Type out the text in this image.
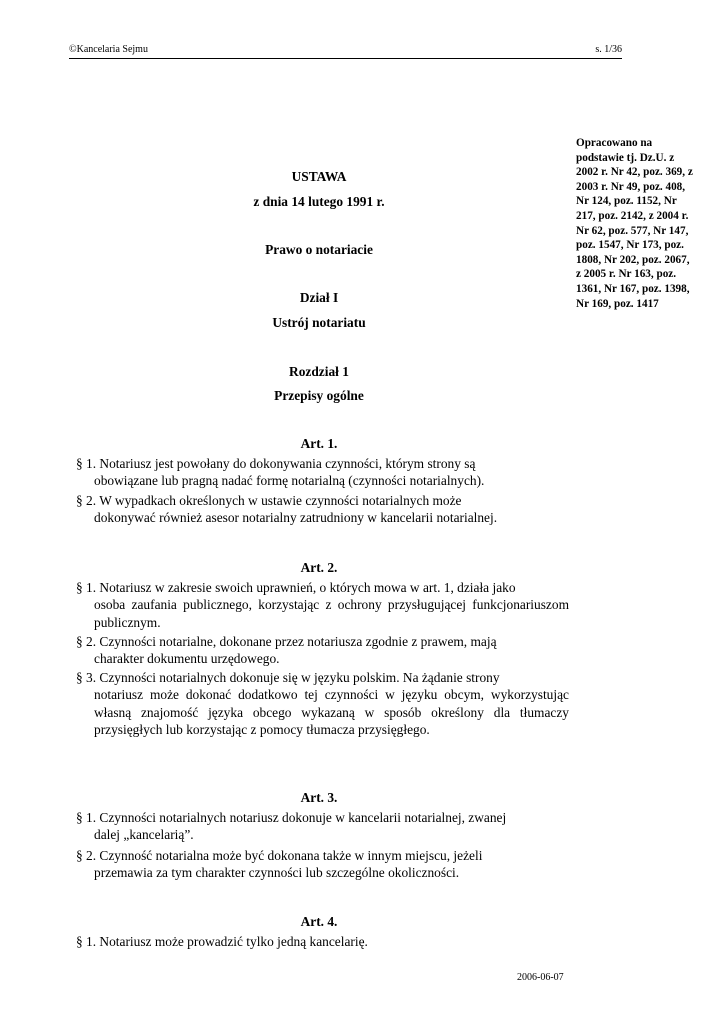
©Kancelaria Sejmu	s. 1/36
Opracowano na podstawie tj. Dz.U. z 2002 r. Nr 42, poz. 369, z 2003 r. Nr 49, poz. 408, Nr 124, poz. 1152, Nr 217, poz. 2142, z 2004 r. Nr 62, poz. 577, Nr 147, poz. 1547, Nr 173, poz. 1808, Nr 202, poz. 2067, z 2005 r. Nr 163, poz. 1361, Nr 167, poz. 1398, Nr 169, poz. 1417
USTAWA
z dnia 14 lutego 1991 r.
Prawo o notariacie
Dział I
Ustrój notariatu
Rozdział 1
Przepisy ogólne
Art. 1.
§ 1. Notariusz jest powołany do dokonywania czynności, którym strony są
obowiązane lub pragną nadać formę notarialną (czynności notarialnych).
§ 2. W wypadkach określonych w ustawie czynności notarialnych może
dokonywać również asesor notarialny zatrudniony w kancelarii notarialnej.
Art. 2.
§ 1. Notariusz w zakresie swoich uprawnień, o których mowa w art. 1, działa jako
osoba zaufania publicznego, korzystając z ochrony przysługującej funkcjonariuszom publicznym.
§ 2. Czynności notarialne, dokonane przez notariusza zgodnie z prawem, mają
charakter dokumentu urzędowego.
§ 3. Czynności notarialnych dokonuje się w języku polskim. Na żądanie strony
notariusz może dokonać dodatkowo tej czynności w języku obcym, wykorzystując własną znajomość języka obcego wykazaną w sposób określony dla tłumaczy przysięgłych lub korzystając z pomocy tłumacza przysięgłego.
Art. 3.
§ 1. Czynności notarialnych notariusz dokonuje w kancelarii notarialnej, zwanej
dalej „kancelarią”.
§ 2. Czynność notarialna może być dokonana także w innym miejscu, jeżeli
przemawia za tym charakter czynności lub szczególne okoliczności.
Art. 4.
§ 1. Notariusz może prowadzić tylko jedną kancelarię.
2006-06-07
